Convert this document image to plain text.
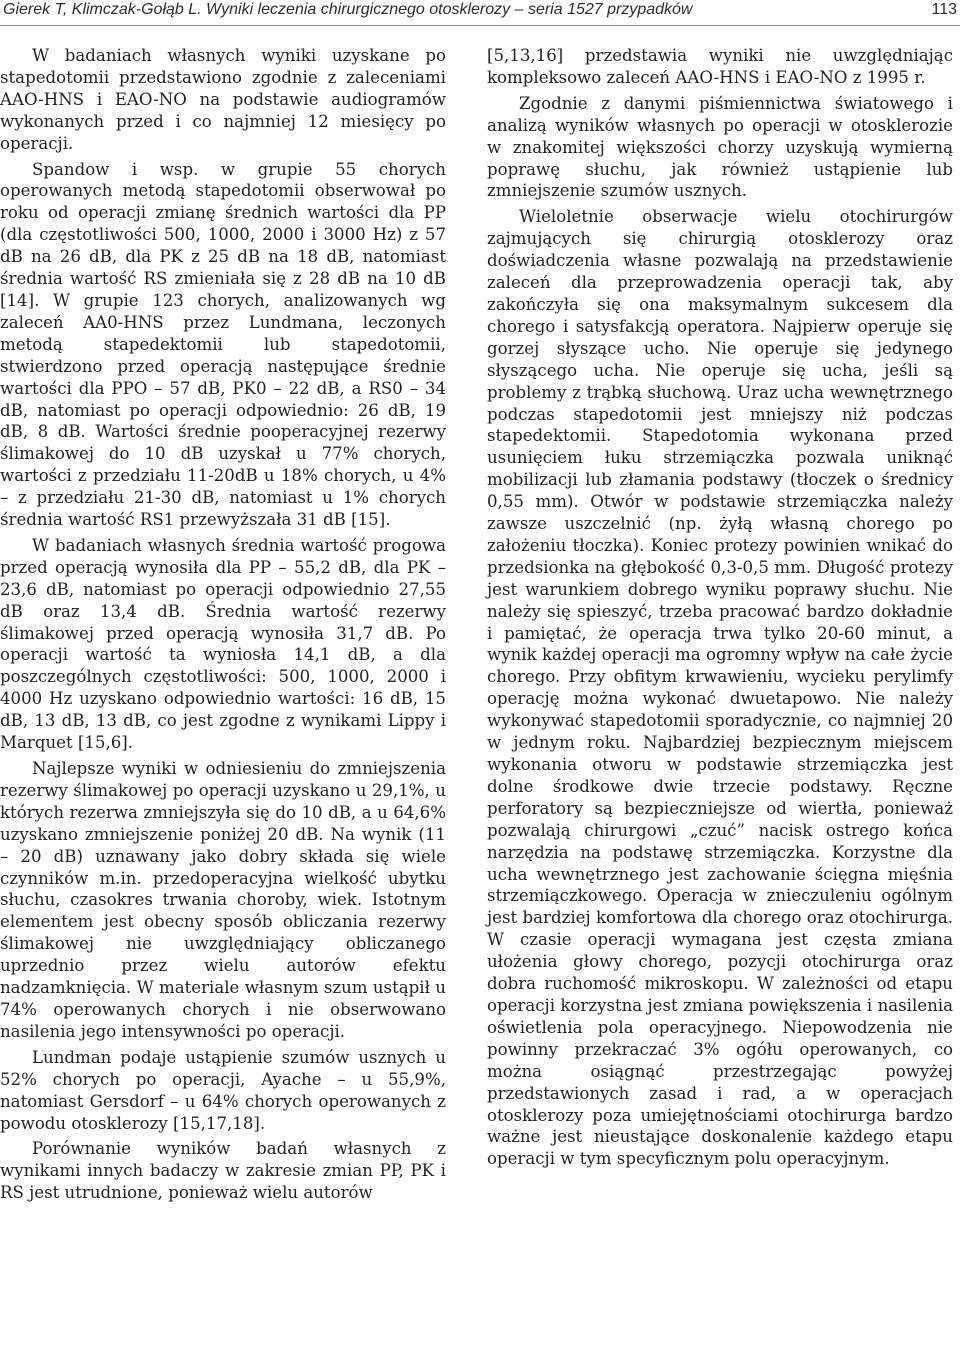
Gierek T, Klimczak-Gołąb L. Wyniki leczenia chirurgicznego otosklerozy – seria 1527 przypadków	113

W badaniach własnych wyniki uzyskane po stapedotomii przedstawiono zgodnie z zaleceniami AAO-HNS i EAO-NO na podstawie audiogramów wykonanych przed i co najmniej 12 miesięcy po operacji.

Spandow i wsp. w grupie 55 chorych operowanych metodą stapedotomii obserwował po roku od operacji zmianę średnich wartości dla PP (dla częstotliwości 500, 1000, 2000 i 3000 Hz) z 57 dB na 26 dB, dla PK z 25 dB na 18 dB, natomiast średnia wartość RS zmieniała się z 28 dB na 10 dB [14]. W grupie 123 chorych, analizowanych wg zaleceń AA0-HNS przez Lundmana, leczonych metodą stapedektomii lub stapedotomii, stwierdzono przed operacją następujące średnie wartości dla PPO – 57 dB, PK0 – 22 dB, a RS0 – 34 dB, natomiast po operacji odpowiednio: 26 dB, 19 dB, 8 dB. Wartości średnie pooperacyjnej rezerwy ślimakowej do 10 dB uzyskał u 77% chorych, wartości z przedziału 11-20dB u 18% chorych, u 4% – z przedziału 21-30 dB, natomiast u 1% chorych średnia wartość RS1 przewyższała 31 dB [15].

W badaniach własnych średnia wartość progowa przed operacją wynosiła dla PP – 55,2 dB, dla PK – 23,6 dB, natomiast po operacji odpowiednio 27,55 dB oraz 13,4 dB. Średnia wartość rezerwy ślimakowej przed operacją wynosiła 31,7 dB. Po operacji wartość ta wyniosła 14,1 dB, a dla poszczególnych częstotliwości: 500, 1000, 2000 i 4000 Hz uzyskano odpowiednio wartości: 16 dB, 15 dB, 13 dB, 13 dB, co jest zgodne z wynikami Lippy i Marquet [15,6].

Najlepsze wyniki w odniesieniu do zmniejszenia rezerwy ślimakowej po operacji uzyskano u 29,1%, u których rezerwa zmniejszyła się do 10 dB, a u 64,6% uzyskano zmniejszenie poniżej 20 dB. Na wynik (11 – 20 dB) uznawany jako dobry składa się wiele czynników m.in. przedoperacyjna wielkość ubytku słuchu, czasokres trwania choroby, wiek. Istotnym elementem jest obecny sposób obliczania rezerwy ślimakowej nie uwzględniający obliczanego uprzednio przez wielu autorów efektu nadzamknięcia. W materiale własnym szum ustąpił u 74% operowanych chorych i nie obserwowano nasilenia jego intensywności po operacji.

Lundman podaje ustąpienie szumów usznych u 52% chorych po operacji, Ayache – u 55,9%, natomiast Gersdorf – u 64% chorych operowanych z powodu otosklerozy [15,17,18].

Porównanie wyników badań własnych z wynikami innych badaczy w zakresie zmian PP, PK i RS jest utrudnione, ponieważ wielu autorów

[5,13,16] przedstawia wyniki nie uwzględniając kompleksowo zaleceń AAO-HNS i EAO-NO z 1995 r.

Zgodnie z danymi piśmiennictwa światowego i analizą wyników własnych po operacji w otosklerozie w znakomitej większości chorzy uzyskują wymierną poprawę słuchu, jak również ustąpienie lub zmniejszenie szumów usznych.

Wieloletnie obserwacje wielu otochirurgów zajmujących się chirurgią otosklerozy oraz doświadczenia własne pozwalają na przedstawienie zaleceń dla przeprowadzenia operacji tak, aby zakończyła się ona maksymalnym sukcesem dla chorego i satysfakcją operatora. Najpierw operuje się gorzej słyszące ucho. Nie operuje się jedynego słyszącego ucha. Nie operuje się ucha, jeśli są problemy z trąbką słuchową. Uraz ucha wewnętrznego podczas stapedotomii jest mniejszy niż podczas stapedektomii. Stapedotomia wykonana przed usunięciem łuku strzemiączka pozwala uniknąć mobilizacji lub złamania podstawy (tłoczek o średnicy 0,55 mm). Otwór w podstawie strzemiączka należy zawsze uszczelnić (np. żyłą własną chorego po założeniu tłoczka). Koniec protezy powinien wnikać do przedsionka na głębokość 0,3-0,5 mm. Długość protezy jest warunkiem dobrego wyniku poprawy słuchu. Nie należy się spieszyć, trzeba pracować bardzo dokładnie i pamiętać, że operacja trwa tylko 20-60 minut, a wynik każdej operacji ma ogromny wpływ na całe życie chorego. Przy obfitym krwawieniu, wycieku perylimfy operację można wykonać dwuetapowo. Nie należy wykonywać stapedotomii sporadycznie, co najmniej 20 w jednym roku. Najbardziej bezpiecznym miejscem wykonania otworu w podstawie strzemiączka jest dolne środkowe dwie trzecie podstawy. Ręczne perforatory są bezpieczniejsze od wiertła, ponieważ pozwalają chirurgowi „czuć” nacisk ostrego końca narzędzia na podstawę strzemiączka. Korzystne dla ucha wewnętrznego jest zachowanie ścięgna mięśnia strzemiączkowego. Operacja w znieczuleniu ogólnym jest bardziej komfortowa dla chorego oraz otochirurga. W czasie operacji wymagana jest częsta zmiana ułożenia głowy chorego, pozycji otochirurga oraz dobra ruchomość mikroskopu. W zależności od etapu operacji korzystna jest zmiana powiększenia i nasilenia oświetlenia pola operacyjnego. Niepowodzenia nie powinny przekraczać 3% ogółu operowanych, co można osiągnąć przestrzegając powyżej przedstawionych zasad i rad, a w operacjach otosklerozy poza umiejętnościami otochirurga bardzo ważne jest nieustające doskonalenie każdego etapu operacji w tym specyficznym polu operacyjnym.
